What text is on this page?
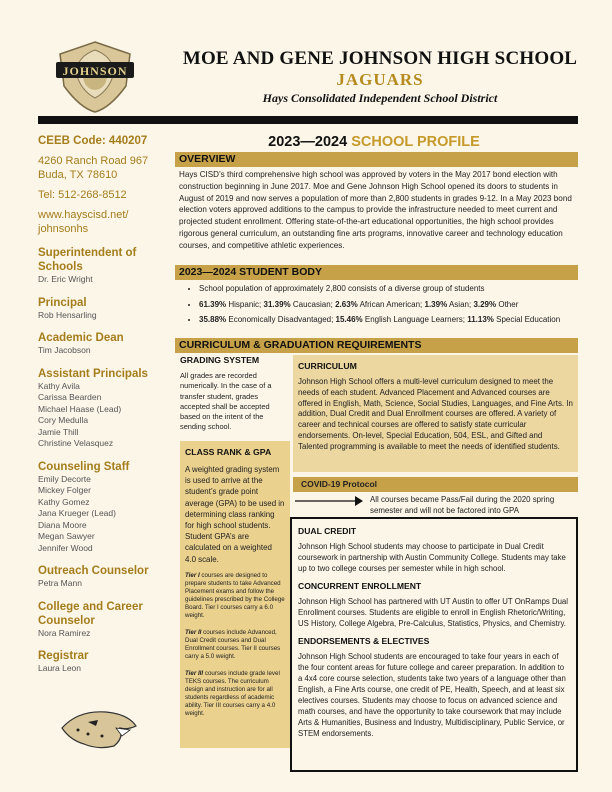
JOHNSON
MOE AND GENE JOHNSON HIGH SCHOOL
JAGUARS
Hays Consolidated Independent School District
CEEB Code: 440207
4260 Ranch Road 967
Buda, TX 78610
Tel: 512-268-8512
www.hayscisd.net/
johnsonhs
Superintendent of Schools
Dr. Eric Wright
Principal
Rob Hensarling
Academic Dean
Tim Jacobson
Assistant Principals
Kathy Avila
Carissa Bearden
Michael Haase (Lead)
Cory Medulla
Jamie Thill
Christine Velasquez
Counseling Staff
Emily Decorte
Mickey Folger
Kathy Gomez
Jana Krueger (Lead)
Diana Moore
Megan Sawyer
Jennifer Wood
Outreach Counselor
Petra Mann
College and Career Counselor
Nora Ramirez
Registrar
Laura Leon
2023—2024 SCHOOL PROFILE
OVERVIEW
Hays CISD’s third comprehensive high school was approved by voters in the May 2017 bond election with construction beginning in June 2017. Moe and Gene Johnson High School opened its doors to students in August of 2019 and now serves a population of more than 2,800 students in grades 9-12. In a May 2023 bond election voters approved additions to the campus to provide the infrastructure needed to meet current and projected student enrollment. Offering state-of-the-art educational opportunities, the high school provides rigorous general curriculum, an outstanding fine arts programs, innovative career and technology education courses, and competitive athletic experiences.
2023—2024 STUDENT BODY
• School population of approximately 2,800 consists of a diverse group of students
• 61.39% Hispanic; 31.39% Caucasian; 2.63% African American; 1.39% Asian; 3.29% Other
• 35.88% Economically Disadvantaged; 15.46% English Language Learners; 11.13% Special Education
CURRICULUM & GRADUATION REQUIREMENTS
GRADING SYSTEM
All grades are recorded numerically. In the case of a transfer student, grades accepted shall be accepted based on the intent of the sending school.
CLASS RANK & GPA
A weighted grading system is used to arrive at the student’s grade point average (GPA) to be used in determining class ranking for high school students. Student GPA’s are calculated on a weighted 4.0 scale.
Tier I courses are designed to prepare students to take Advanced Placement exams and follow the guidelines prescribed by the College Board. Tier I courses carry a 6.0 weight.
Tier II courses include Advanced, Dual Credit courses and Dual Enrollment courses. Tier II courses carry a 5.0 weight.
Tier III courses include grade level TEKS courses. The curriculum design and instruction are for all students regardless of academic ability. Tier III courses carry a 4.0 weight.
CURRICULUM
Johnson High School offers a multi-level curriculum designed to meet the needs of each student. Advanced Placement and Advanced courses are offered in English, Math, Science, Social Studies, Languages, and Fine Arts. In addition, Dual Credit and Dual Enrollment courses are offered. A variety of career and technical courses are offered to satisfy state curricular endorsements. On-level, Special Education, 504, ESL, and Gifted and Talented programming is available to meet the needs of identified students.
COVID-19 Protocol
All courses became Pass/Fail during the 2020 spring semester and will not be factored into GPA
DUAL CREDIT
Johnson High School students may choose to participate in Dual Credit coursework in partnership with Austin Community College. Students may take up to two college courses per semester while in high school.
CONCURRENT ENROLLMENT
Johnson High School has partnered with UT Austin to offer UT OnRamps Dual Enrollment courses. Students are eligible to enroll in English Rhetoric/Writing, US History, College Algebra, Pre-Calculus, Statistics, Physics, and Chemistry.
ENDORSEMENTS & ELECTIVES
Johnson High School students are encouraged to take four years in each of the four content areas for future college and career preparation. In addition to a 4x4 core course selection, students take two years of a language other than English, a Fine Arts course, one credit of PE, Health, Speech, and at least six electives courses. Students may choose to focus on advanced science and math courses, and have the opportunity to take coursework that may include Arts & Humanities, Business and Industry, Multidisciplinary, Public Service, or STEM endorsements.
